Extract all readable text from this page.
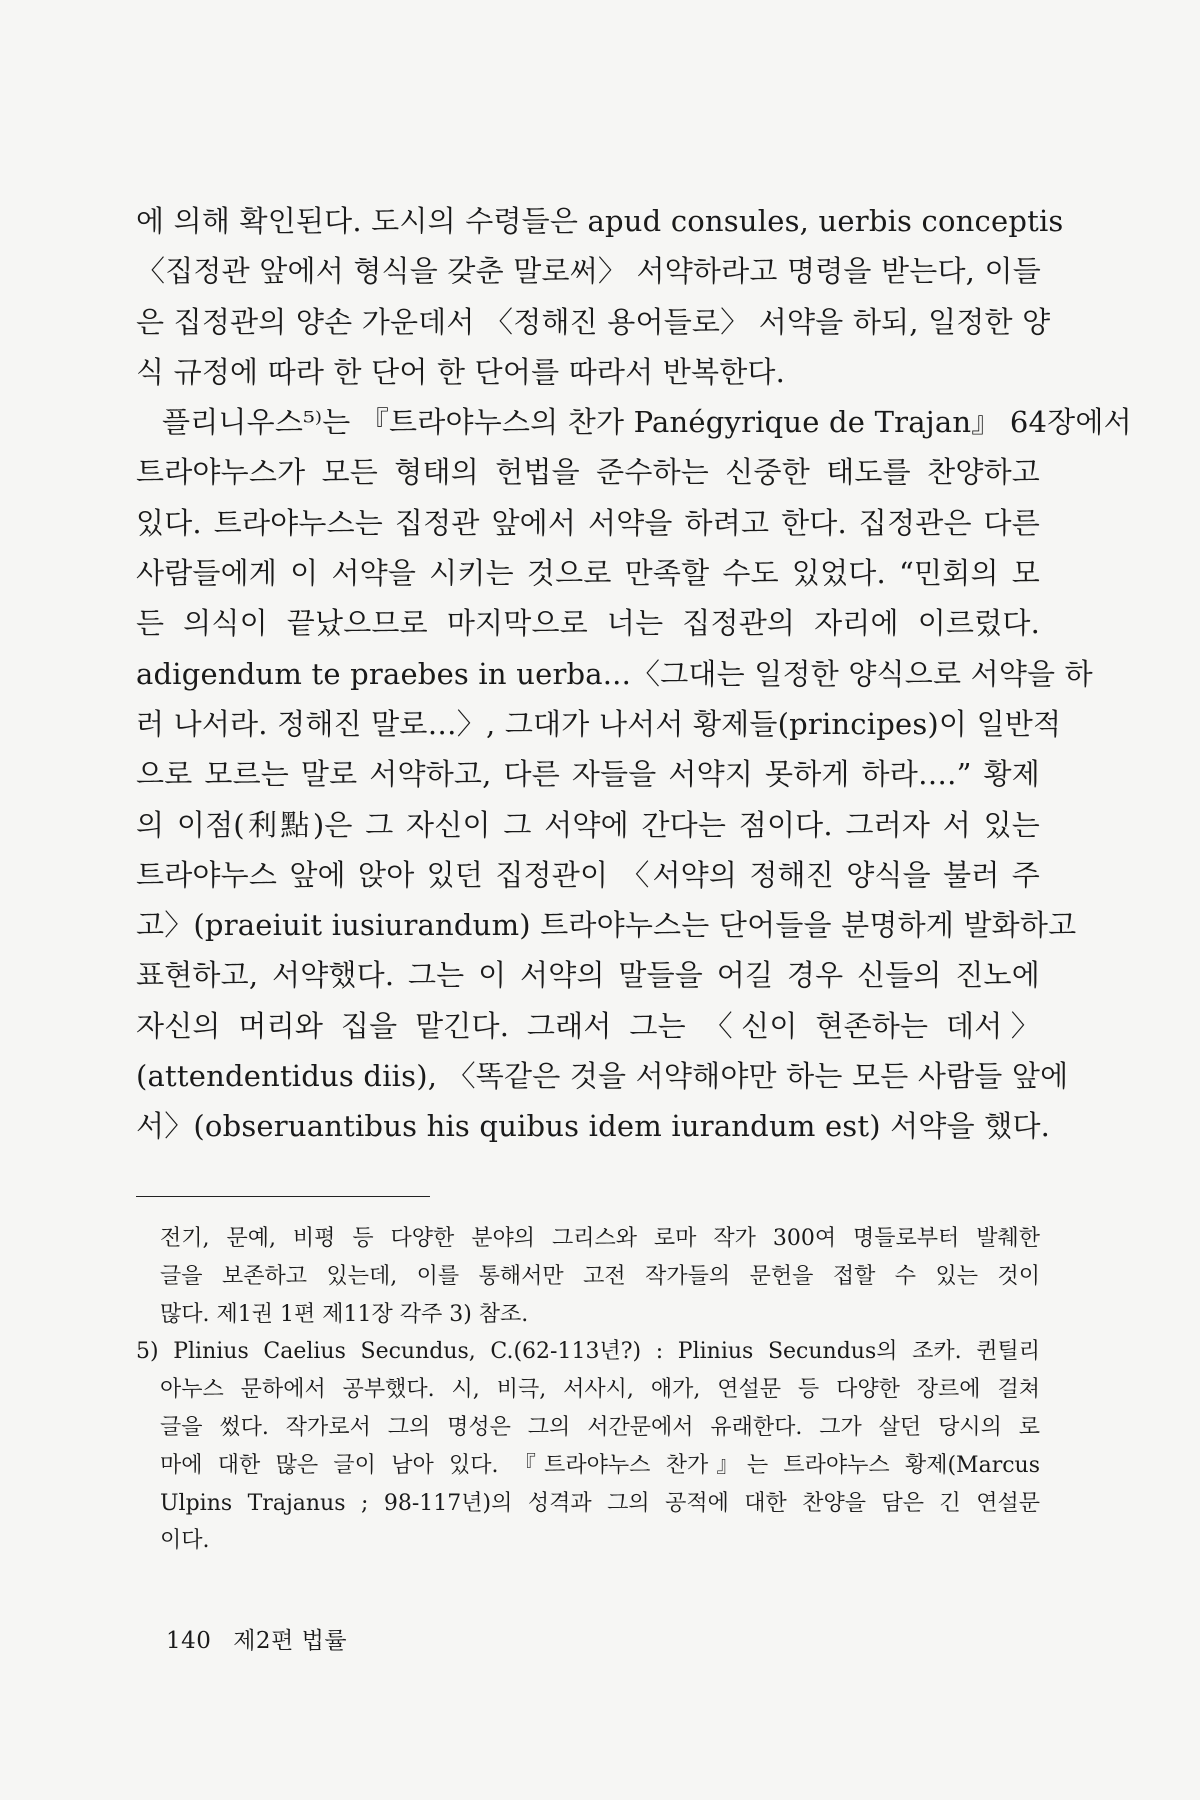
에 의해 확인된다. 도시의 수령들은 apud consules, uerbis conceptis
〈집정관 앞에서 형식을 갖춘 말로써〉 서약하라고 명령을 받는다, 이들
은 집정관의 양손 가운데서 〈정해진 용어들로〉 서약을 하되, 일정한 양
식 규정에 따라 한 단어 한 단어를 따라서 반복한다.
플리니우스⁵⁾는 『트라야누스의 찬가 Panégyrique de Trajan』 64장에서
트라야누스가 모든 형태의 헌법을 준수하는 신중한 태도를 찬양하고
있다. 트라야누스는 집정관 앞에서 서약을 하려고 한다. 집정관은 다른
사람들에게 이 서약을 시키는 것으로 만족할 수도 있었다. “민회의 모
든 의식이 끝났으므로 마지막으로 너는 집정관의 자리에 이르렀다.
adigendum te praebes in uerba...〈그대는 일정한 양식으로 서약을 하
러 나서라. 정해진 말로…〉, 그대가 나서서 황제들(principes)이 일반적
으로 모르는 말로 서약하고, 다른 자들을 서약지 못하게 하라….” 황제
의 이점(利點)은 그 자신이 그 서약에 간다는 점이다. 그러자 서 있는
트라야누스 앞에 앉아 있던 집정관이 〈서약의 정해진 양식을 불러 주
고〉(praeiuit iusiurandum) 트라야누스는 단어들을 분명하게 발화하고
표현하고, 서약했다. 그는 이 서약의 말들을 어길 경우 신들의 진노에
자신의 머리와 집을 맡긴다. 그래서 그는 〈신이 현존하는 데서〉
(attendentidus diis), 〈똑같은 것을 서약해야만 하는 모든 사람들 앞에
서〉(obseruantibus his quibus idem iurandum est) 서약을 했다.
전기, 문예, 비평 등 다양한 분야의 그리스와 로마 작가 300여 명들로부터 발췌한
글을 보존하고 있는데, 이를 통해서만 고전 작가들의 문헌을 접할 수 있는 것이
많다. 제1권 1편 제11장 각주 3) 참조.
5) Plinius Caelius Secundus, C.(62-113년?) : Plinius Secundus의 조카. 퀸틸리
아누스 문하에서 공부했다. 시, 비극, 서사시, 애가, 연설문 등 다양한 장르에 걸쳐
글을 썼다. 작가로서 그의 명성은 그의 서간문에서 유래한다. 그가 살던 당시의 로
마에 대한 많은 글이 남아 있다. 『트라야누스 찬가』는 트라야누스 황제(Marcus
Ulpins Trajanus ; 98-117년)의 성격과 그의 공적에 대한 찬양을 담은 긴 연설문
이다.
140 제2편 법률
